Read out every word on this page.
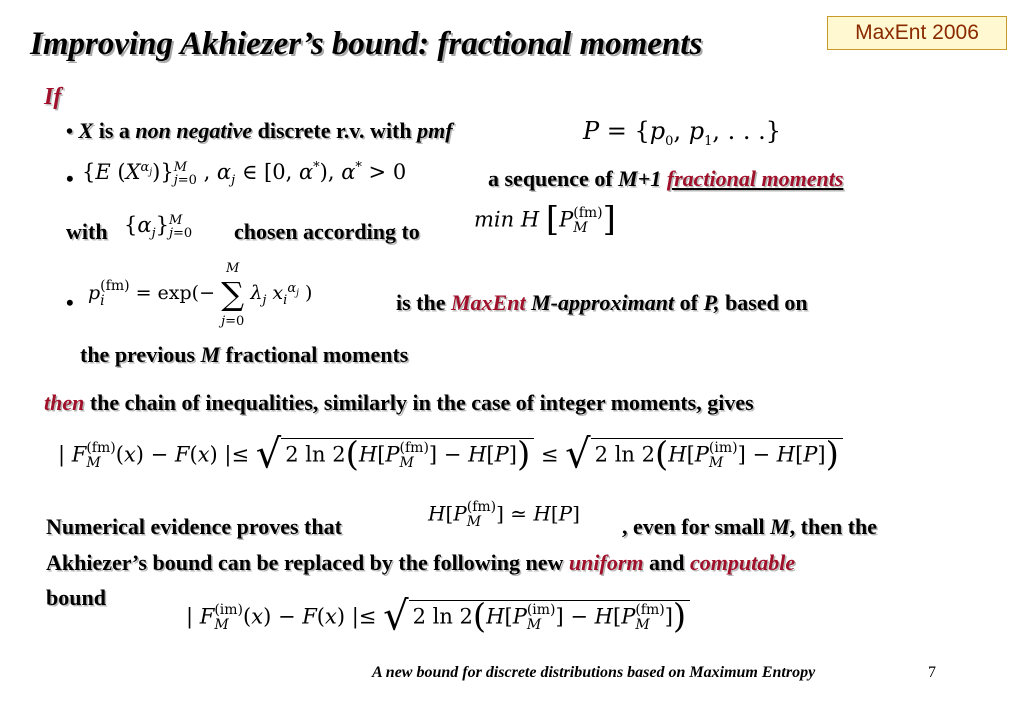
MaxEnt 2006
Improving Akhiezer’s bound: fractional moments
If
• X is a non negative discrete r.v. with pmf	$P = \{p_0$, $p_1$, . . .}
• {E $(X^{\alpha_j})\}M$
j=0 , $\alpha_j$ ∈ [0, α*), α* > 0	a sequence of M+1 fractional moments
with $\{\alpha_j\}M$
j=0 chosen according to	min H [P(fm)
M ]
• p(fm)
i = exp(− M
∑
j=0 $\lambda_j$ $x_i^{\alpha_j}$ )	is the MaxEnt M-approximant of P, based on
the previous M fractional moments
then the chain of inequalities, similarly in the case of integer moments, gives
| F(fm)
M (x) − F(x) |≤ √ 2 ln 2(H[P(fm)
M ] − H[P]) ≤ √ 2 ln 2(H[P(im)
M ] − H[P])
Numerical evidence proves that
H[P(fm)
M ] ≃ H[P]
, even for small M, then the
Akhiezer’s bound can be replaced by the following new uniform and computable
bound
| F(im)
M (x) − F(x) |≤ √ 2 ln 2(H[P(im)
M ] − H[P(fm)
M ])
A new bound for discrete distributions based on Maximum Entropy	7
